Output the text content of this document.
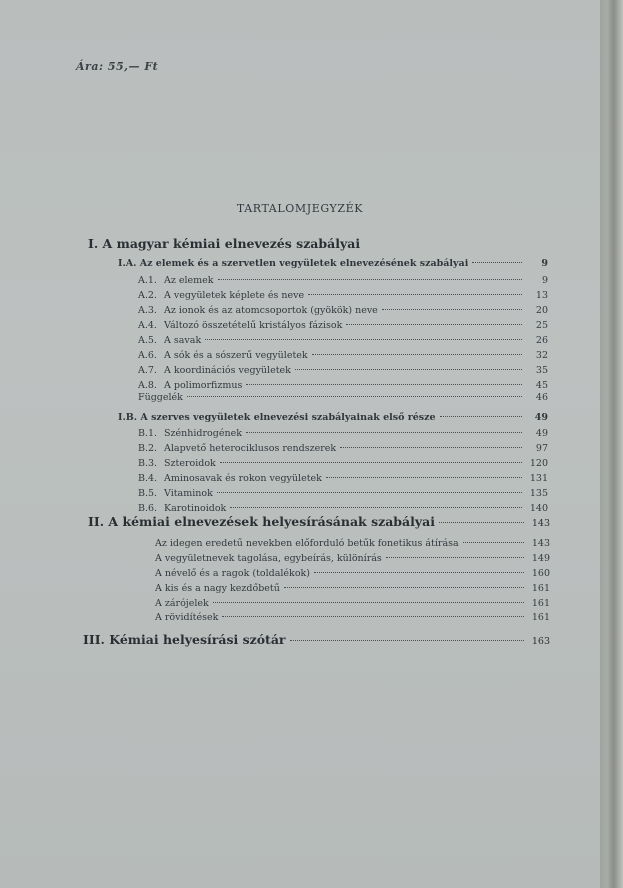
Ára: 55,— Ft
TARTALOMJEGYZÉK
I. A magyar kémiai elnevezés szabályai
I.A. Az elemek és a szervetlen vegyületek elnevezésének szabályai	9
A.1. Az elemek	9
A.2. A vegyületek képlete és neve	13
A.3. Az ionok és az atomcsoportok (gyökök) neve	20
A.4. Változó összetételű kristályos fázisok	25
A.5. A savak	26
A.6. A sók és a sószerű vegyületek	32
A.7. A koordinációs vegyületek	35
A.8. A polimorfizmus	45
Függelék	46
I.B. A szerves vegyületek elnevezési szabályainak első része	49
B.1. Szénhidrogének	49
B.2. Alapvető heterociklusos rendszerek	97
B.3. Szteroidok	120
B.4. Aminosavak és rokon vegyületek	131
B.5. Vitaminok	135
B.6. Karotinoidok	140
II. A kémiai elnevezések helyesírásának szabályai	143
Az idegen eredetű nevekben előforduló betűk fonetikus átírása	143
A vegyületnevek tagolása, egybeírás, különírás	149
A névelő és a ragok (toldalékok)	160
A kis és a nagy kezdőbetű	161
A zárójelek	161
A rövidítések	161
III. Kémiai helyesírási szótár	163
